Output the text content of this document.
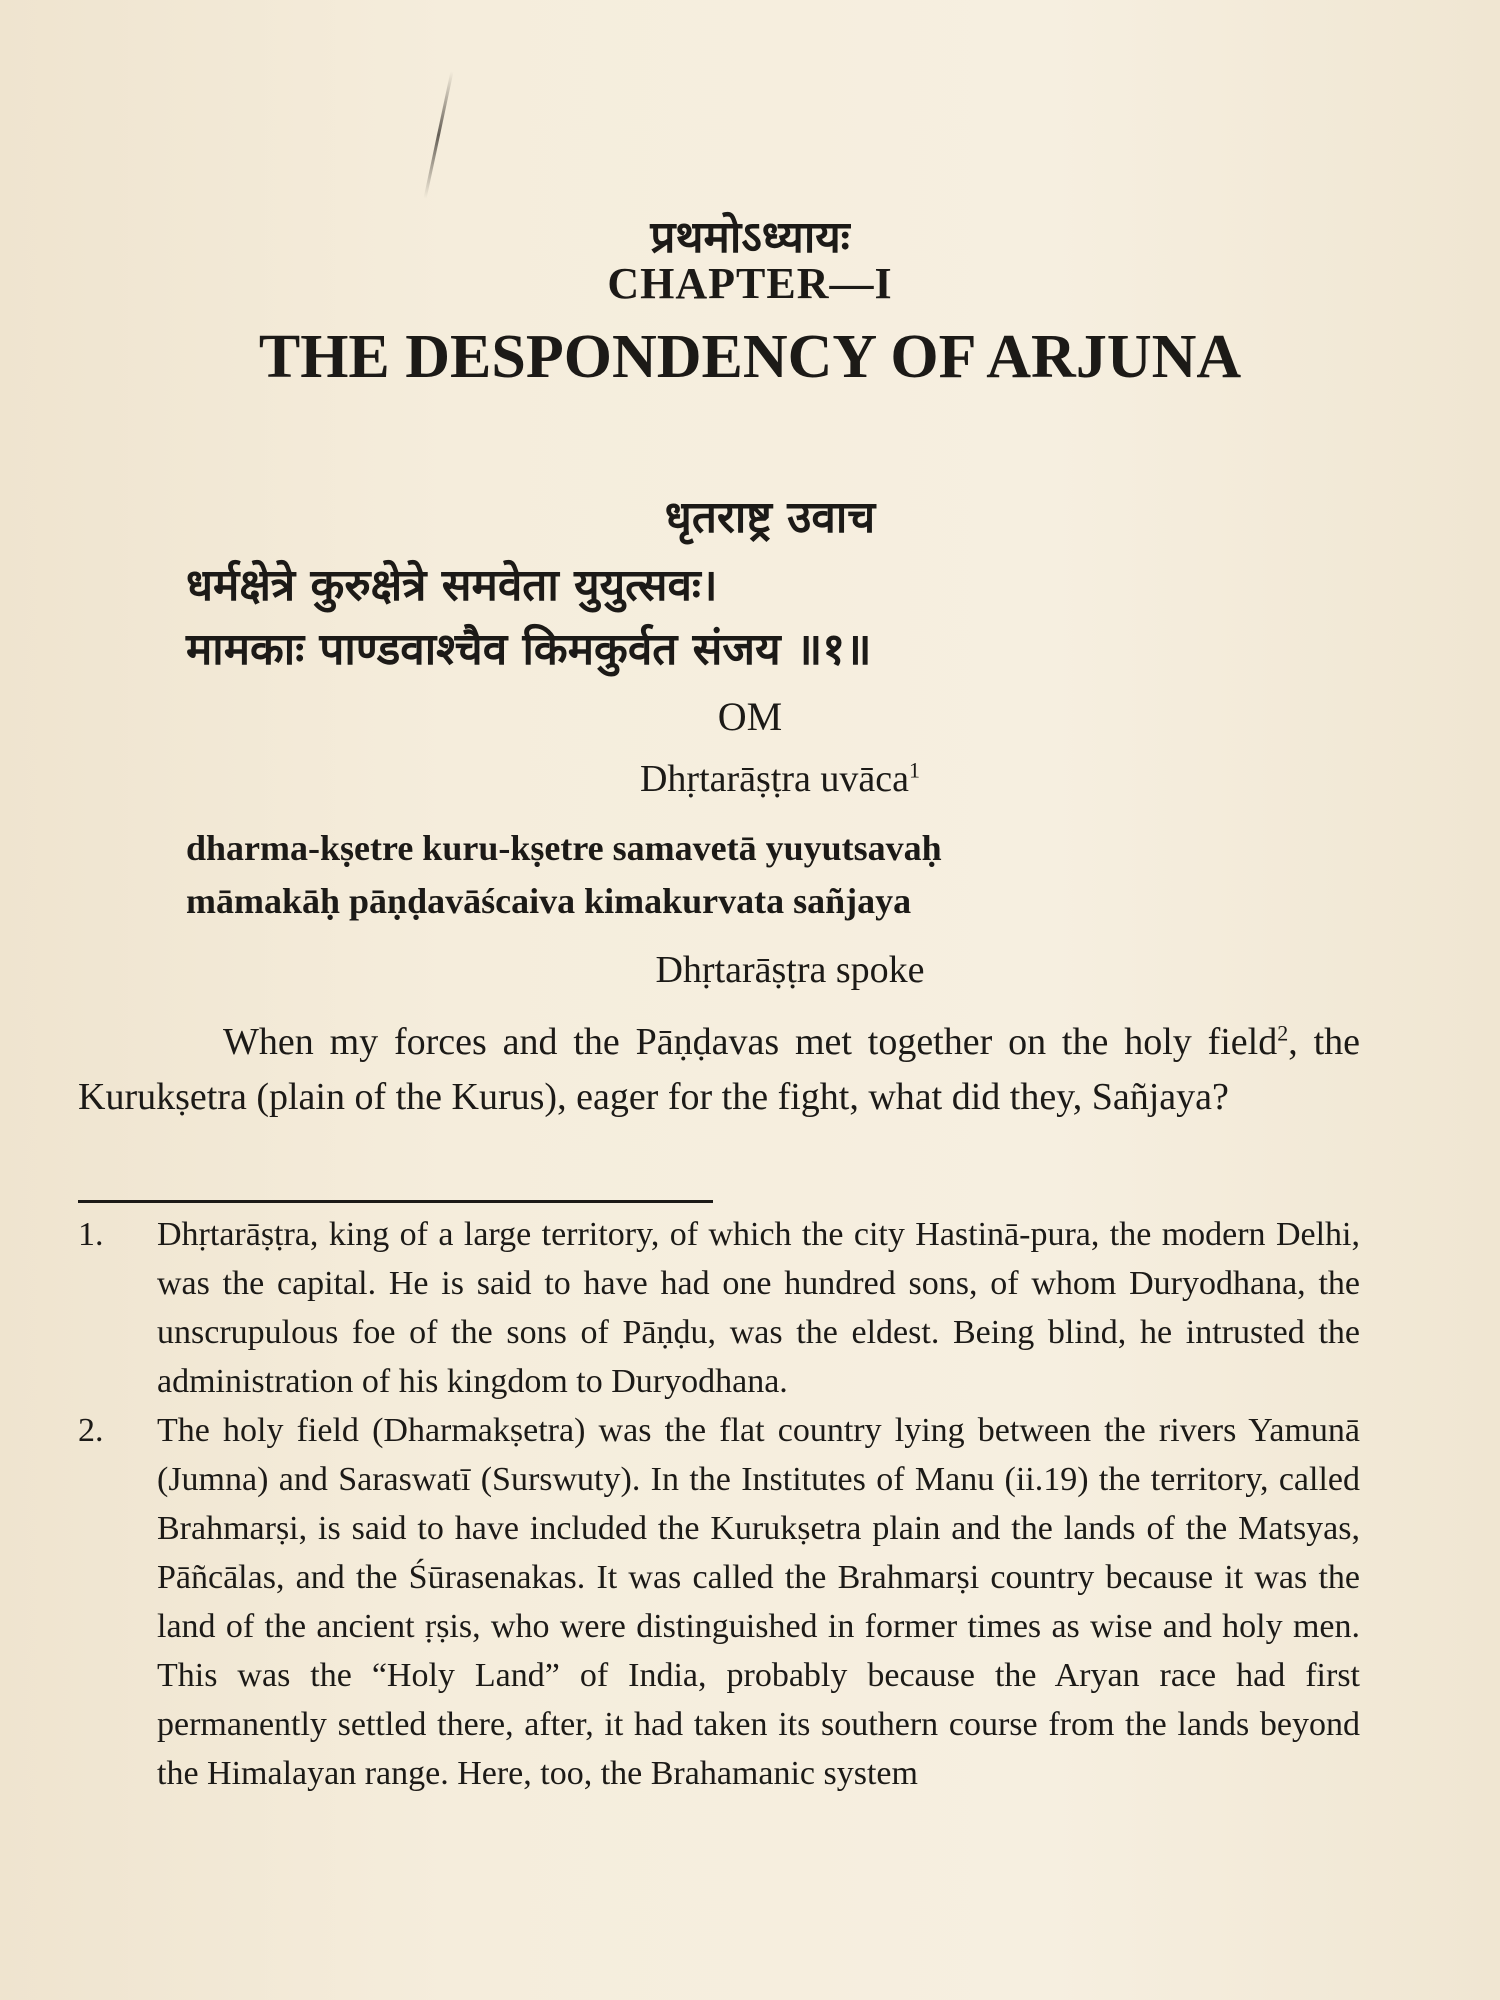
प्रथमोऽध्यायः
CHAPTER—I
THE DESPONDENCY OF ARJUNA
धृतराष्ट्र उवाच
धर्मक्षेत्रे कुरुक्षेत्रे समवेता युयुत्सवः।
मामकाः पाण्डवाश्चैव किमकुर्वत संजय ॥१॥
OM
Dhṛtarāṣṭra uvāca$^1$
dharma-kṣetre kuru-kṣetre samavetā yuyutsavaḥ
māmakāḥ pāṇḍavāścaiva kimakurvata sañjaya
Dhṛtarāṣṭra spoke
When my forces and the Pāṇḍavas met together on the holy field$^2$, the Kurukṣetra (plain of the Kurus), eager for the fight, what did they, Sañjaya?
1. Dhṛtarāṣṭra, king of a large territory, of which the city Hastinā-pura, the modern Delhi, was the capital. He is said to have had one hundred sons, of whom Duryodhana, the unscrupulous foe of the sons of Pāṇḍu, was the eldest. Being blind, he intrusted the administration of his kingdom to Duryodhana.
2. The holy field (Dharmakṣetra) was the flat country lying between the rivers Yamunā (Jumna) and Saraswatī (Surswuty). In the Institutes of Manu (ii.19) the territory, called Brahmarṣi, is said to have included the Kurukṣetra plain and the lands of the Matsyas, Pāñcālas, and the Śūrasenakas. It was called the Brahmarṣi country because it was the land of the ancient ṛṣis, who were distinguished in former times as wise and holy men. This was the “Holy Land” of India, probably because the Aryan race had first permanently settled there, after, it had taken its southern course from the lands beyond the Himalayan range. Here, too, the Brahamanic system
